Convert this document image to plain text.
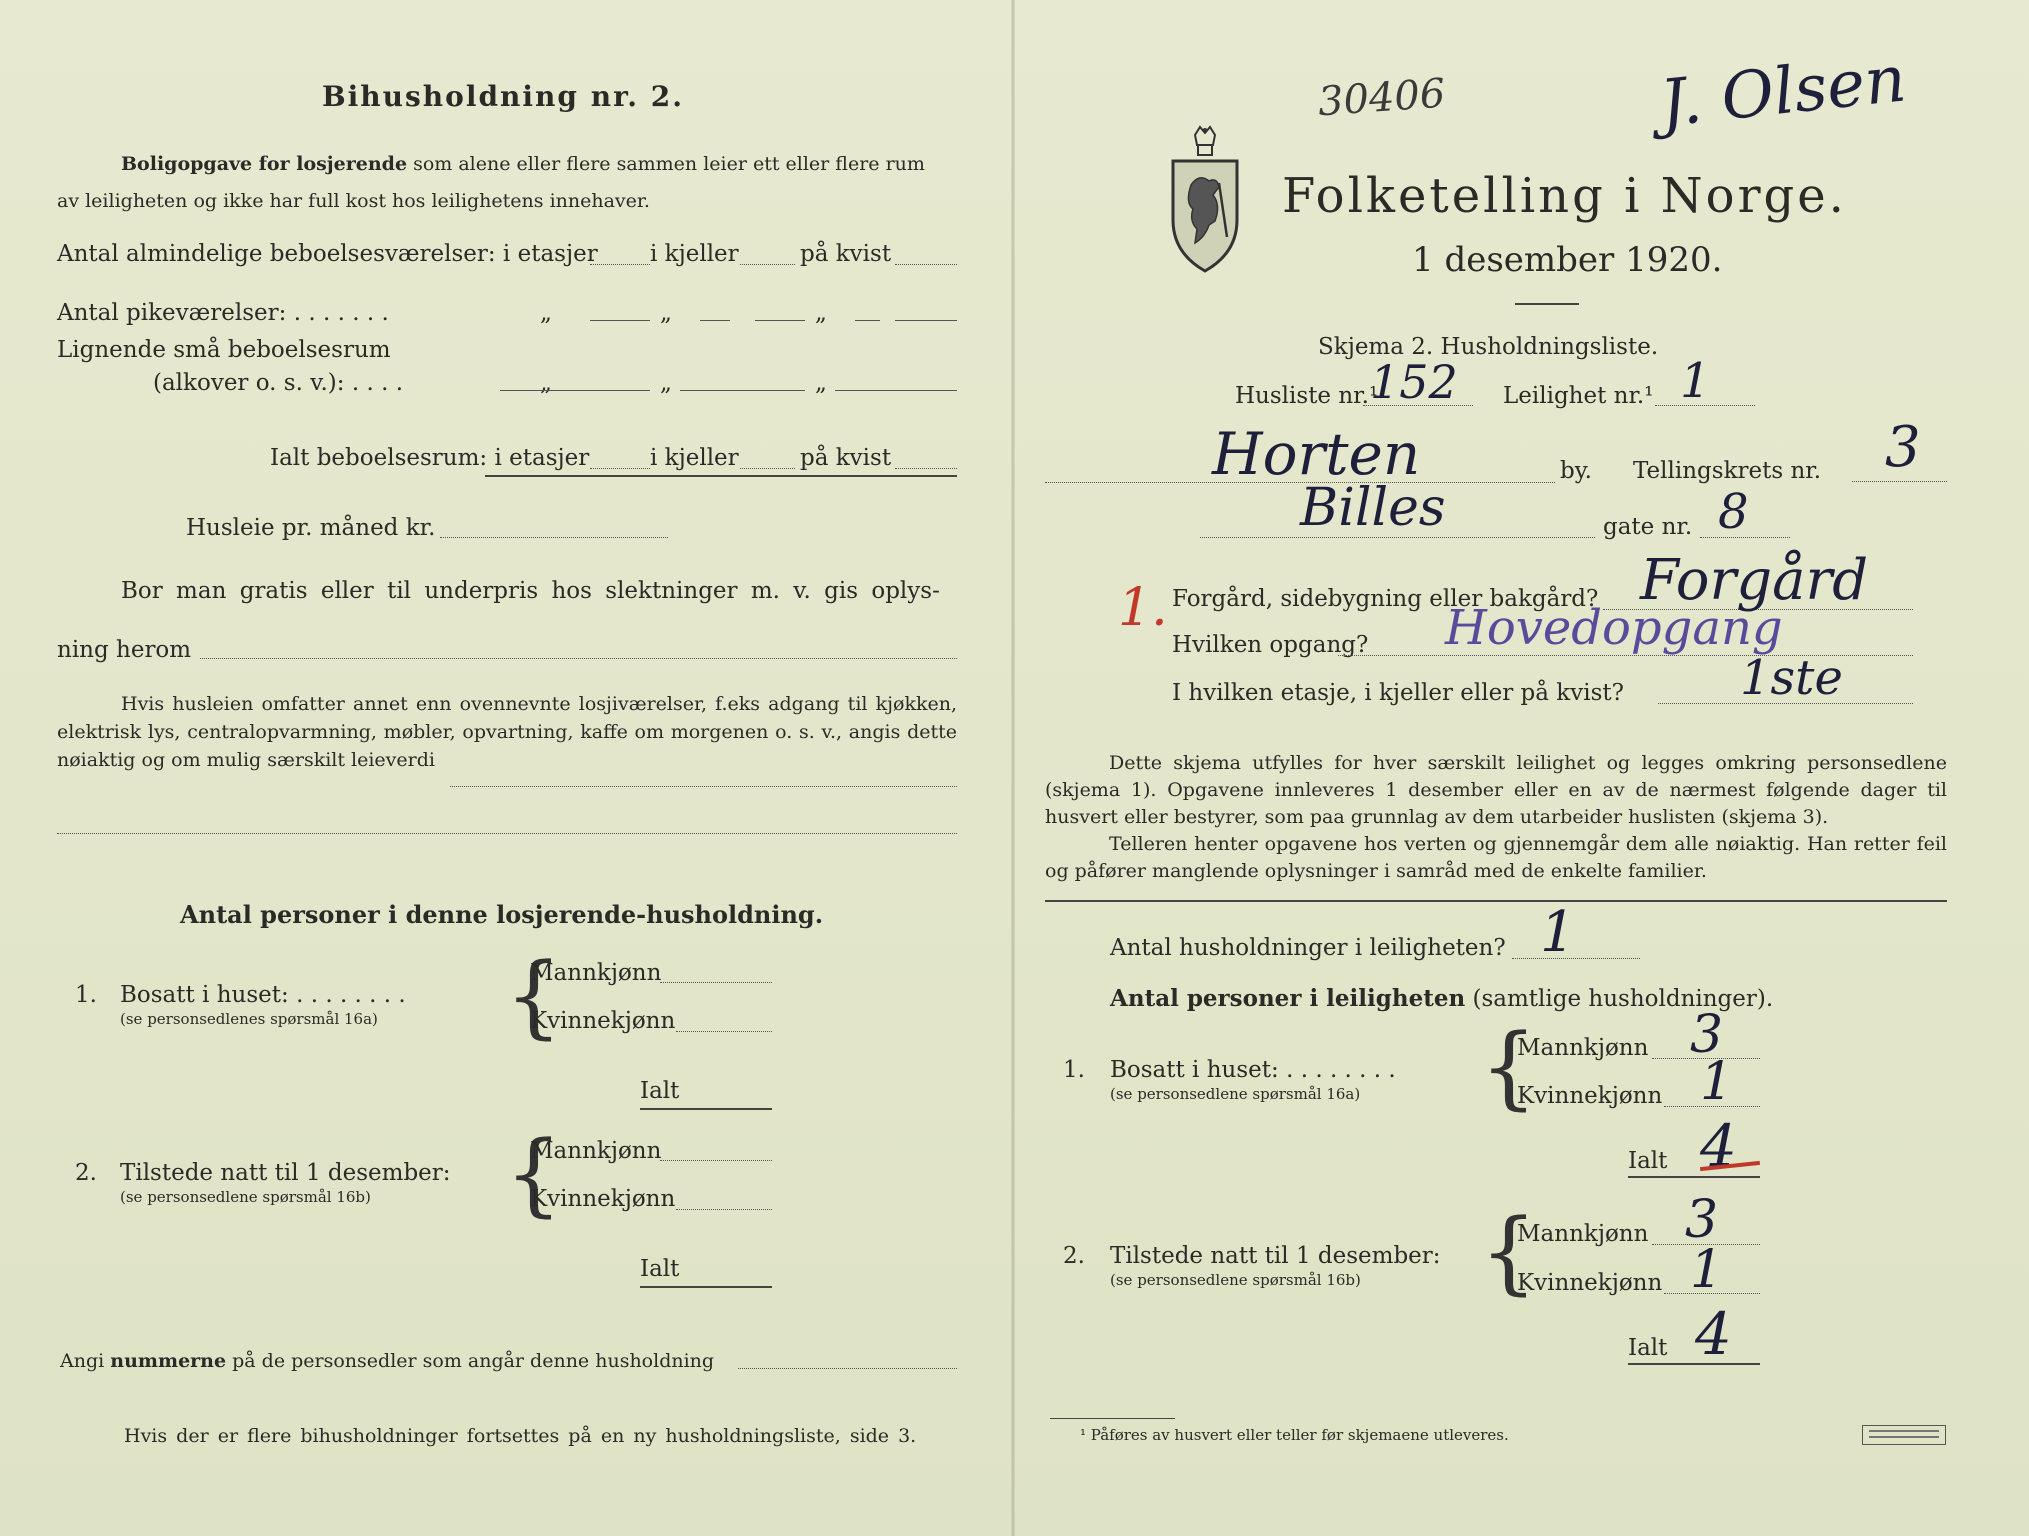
Bihusholdning nr. 2.
Boligopgave for losjerende som alene eller flere sammen leier ett eller flere rum
av leiligheten og ikke har full kost hos leilighetens innehaver.
Antal almindelige beboelsesværelser: i etasjer i kjeller	på kvist
Antal pikeværelser: . . . . . . .	„	„	„
Lignende små beboelsesrum
(alkover o. s. v.): . . . .	„	„	„
Ialt beboelsesrum: i etasjer	i kjeller	på kvist
Husleie pr. måned kr.
Bor man gratis eller til underpris hos slektninger m. v. gis oplys-
ning herom
Hvis husleien omfatter annet enn ovennevnte losjiværelser, f.eks adgang til kjøkken, elektrisk lys, centralopvarmning, møbler, opvartning, kaffe om morgenen o. s. v., angis dette nøiaktig og om mulig særskilt leieverdi
Antal personer i denne losjerende-husholdning.
1. Bosatt i huset: . . . . . . . .
(se personsedlenes spørsmål 16a) {
Mannkjønn
Kvinnekjønn
Ialt
2. Tilstede natt til 1 desember:
(se personsedlene spørsmål 16b) {
Mannkjønn
Kvinnekjønn
Ialt
Angi nummerne på de personsedler som angår denne husholdning
Hvis der er flere bihusholdninger fortsettes på en ny husholdningsliste, side 3.
30406	J. Olsen
Folketelling i Norge.
1 desember 1920.
Skjema 2. Husholdningsliste.
Husliste nr.¹
152 Leilighet nr.¹ 1
Horten	by. Tellingskrets nr. 3
Billes	gate nr. 8
1. Forgård, sidebygning eller bakgård? Forgård
Hvilken opgang? Hovedopgang
I hvilken etasje, i kjeller eller på kvist? 1ste
Dette skjema utfylles for hver særskilt leilighet og legges omkring personsedlene (skjema 1). Opgavene innleveres 1 desember eller en av de nærmest følgende dager til husvert eller bestyrer, som paa grunnlag av dem utarbeider huslisten (skjema 3).
Telleren henter opgavene hos verten og gjennemgår dem alle nøiaktig. Han retter feil og påfører manglende oplysninger i samråd med de enkelte familier.
Antal husholdninger i leiligheten? 1
Antal personer i leiligheten (samtlige husholdninger).
1. Bosatt i huset: . . . . . . . .
(se personsedlene spørsmål 16a) {
Mannkjønn 3
Kvinnekjønn 1
Ialt 4
2. Tilstede natt til 1 desember:
(se personsedlene spørsmål 16b) {
Mannkjønn 3
Kvinnekjønn 1
Ialt 4
¹ Påføres av husvert eller teller før skjemaene utleveres.
